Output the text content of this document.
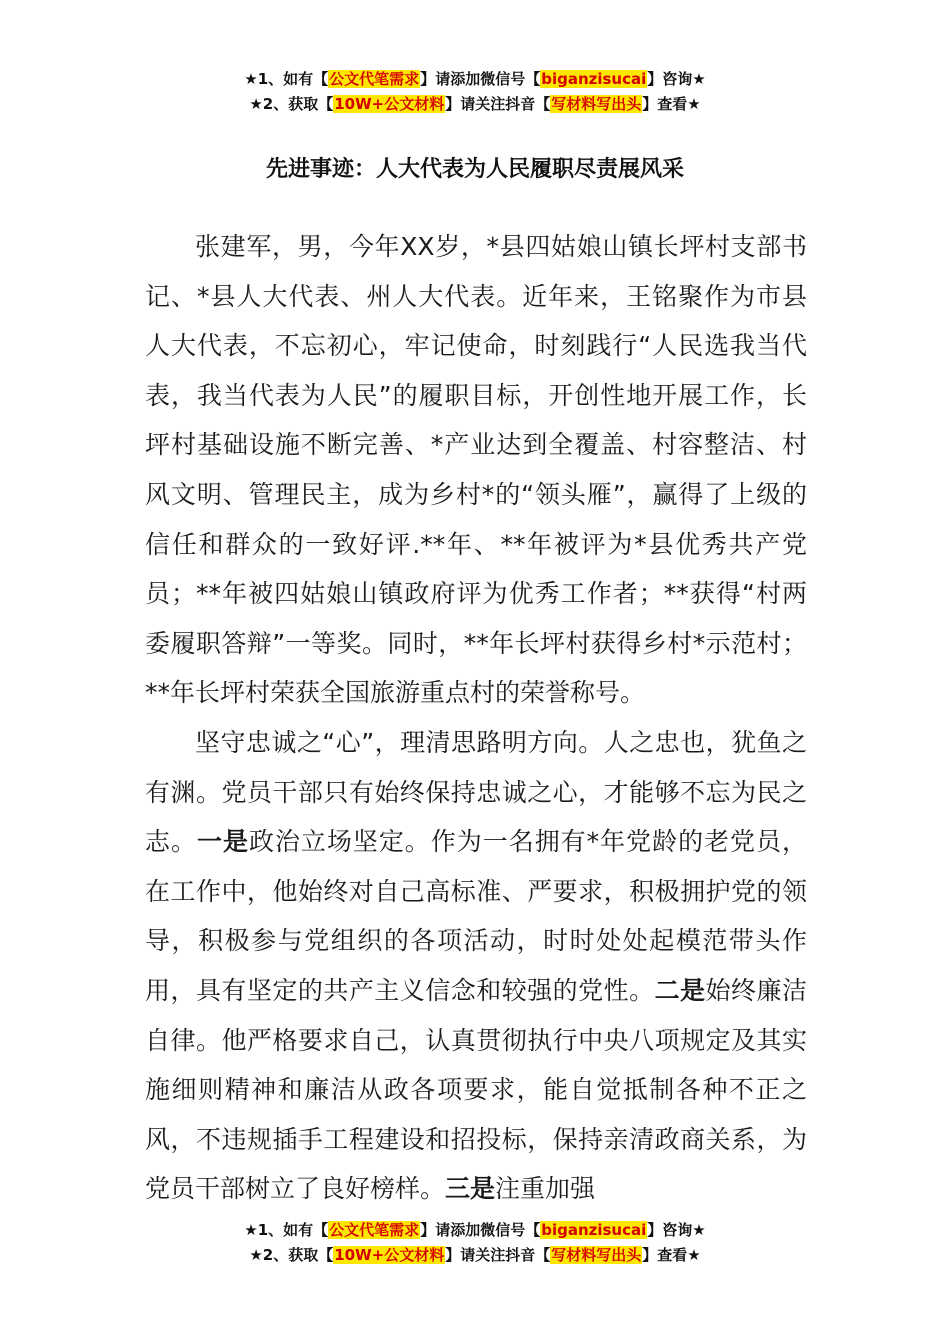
★1、如有【公文代笔需求】请添加微信号【biganzisucai】咨询★
★2、获取【10W+公文材料】请关注抖音【写材料写出头】查看★
先进事迹：人大代表为人民履职尽责展风采

张建军，男，今年XX岁，*县四姑娘山镇长坪村支部书记、*县人大代表、州人大代表。近年来，王铭聚作为市县人大代表，不忘初心，牢记使命，时刻践行“人民选我当代表，我当代表为人民”的履职目标，开创性地开展工作，长坪村基础设施不断完善、*产业达到全覆盖、村容整洁、村风文明、管理民主，成为乡村*的“领头雁”，赢得了上级的信任和群众的一致好评.**年、**年被评为*县优秀共产党员；**年被四姑娘山镇政府评为优秀工作者；**获得“村两委履职答辩”一等奖。同时，**年长坪村获得乡村*示范村；**年长坪村荣获全国旅游重点村的荣誉称号。

坚守忠诚之“心”，理清思路明方向。人之忠也，犹鱼之有渊。党员干部只有始终保持忠诚之心，才能够不忘为民之志。一是政治立场坚定。作为一名拥有*年党龄的老党员，在工作中，他始终对自己高标准、严要求，积极拥护党的领导，积极参与党组织的各项活动，时时处处起模范带头作用，具有坚定的共产主义信念和较强的党性。二是始终廉洁自律。他严格要求自己，认真贯彻执行中央八项规定及其实施细则精神和廉洁从政各项要求，能自觉抵制各种不正之风，不违规插手工程建设和招投标，保持亲清政商关系，为党员干部树立了良好榜样。三是注重加强

★1、如有【公文代笔需求】请添加微信号【biganzisucai】咨询★
★2、获取【10W+公文材料】请关注抖音【写材料写出头】查看★
